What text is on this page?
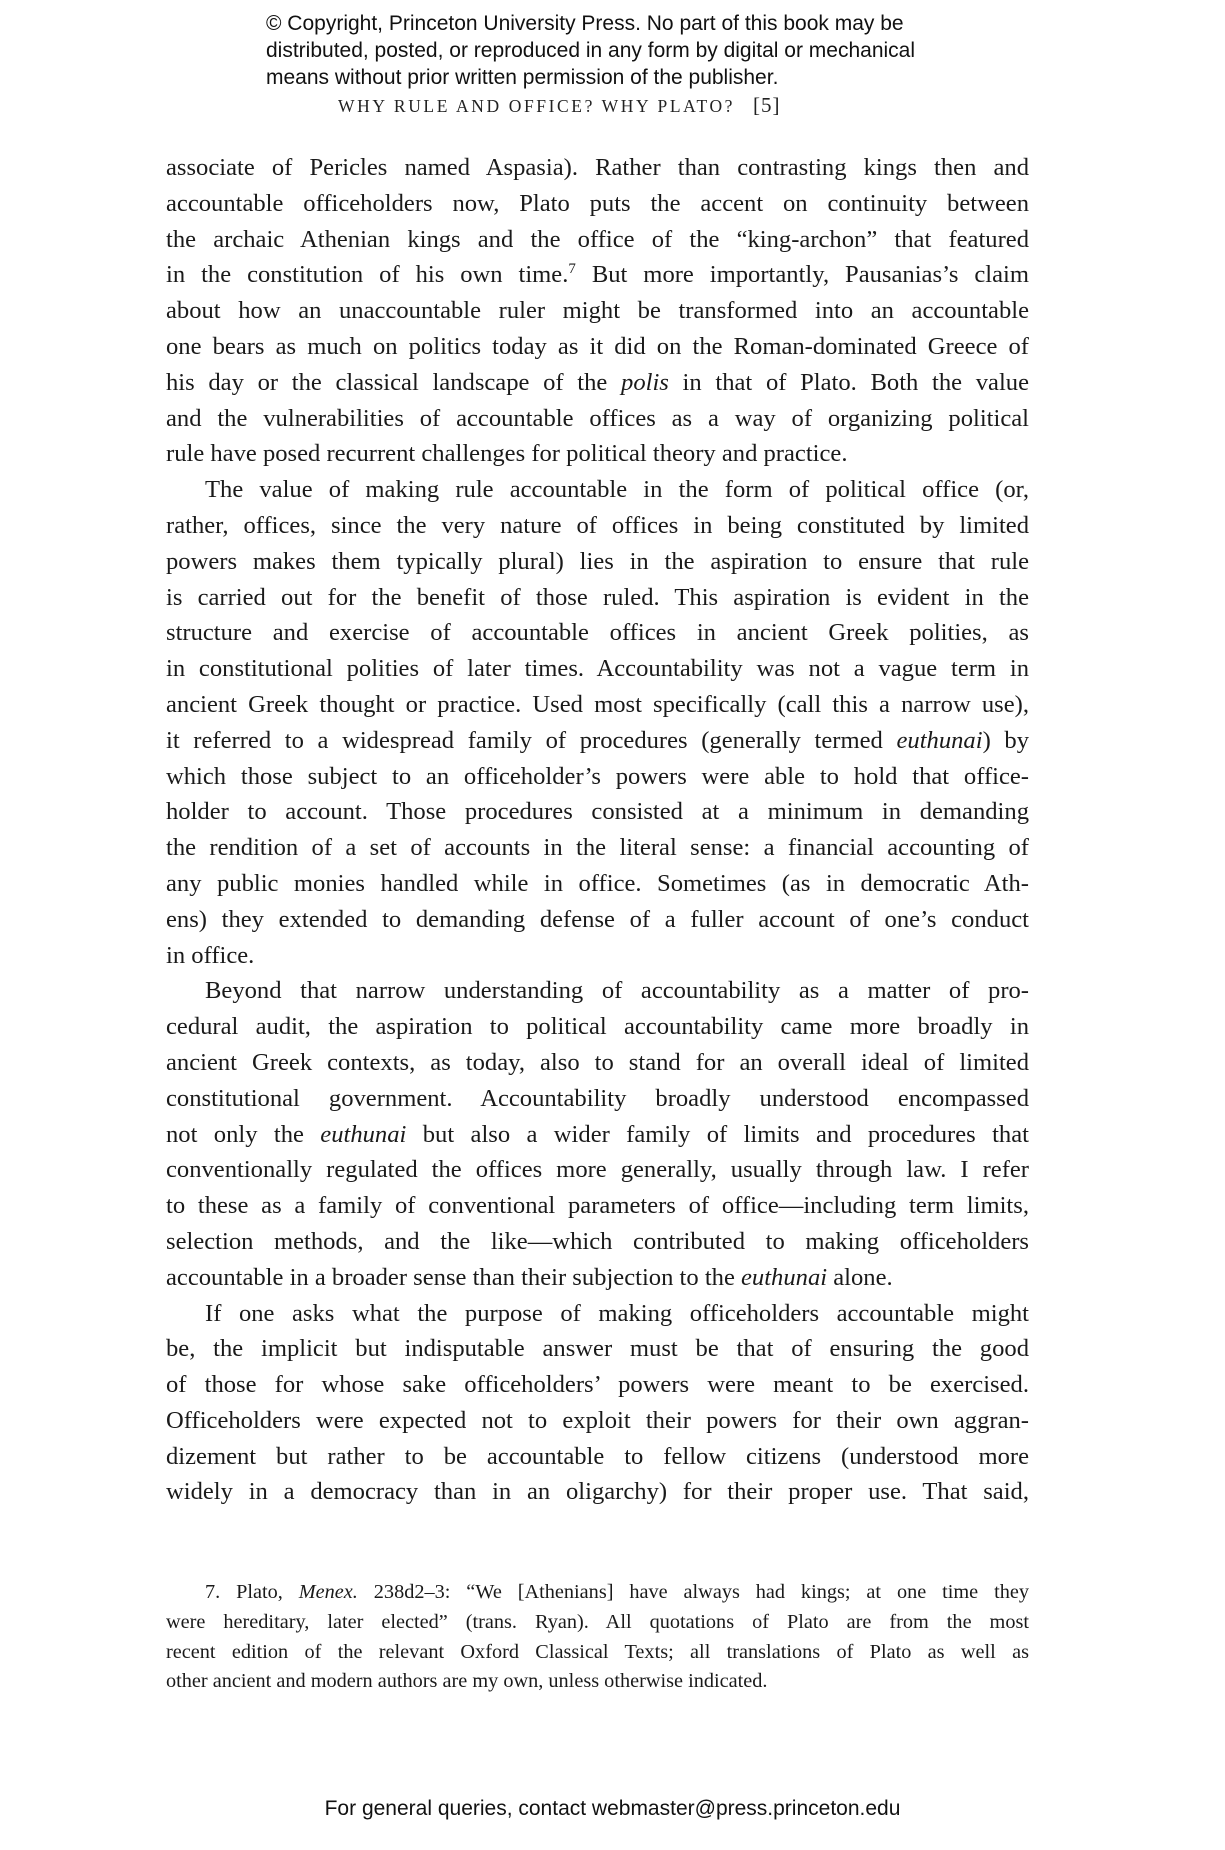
© Copyright, Princeton University Press. No part of this book may be
distributed, posted, or reproduced in any form by digital or mechanical
means without prior written permission of the publisher.
WHY RULE AND OFFICE? WHY PLATO? [5]
associate of Pericles named Aspasia). Rather than contrasting kings then and
accountable officeholders now, Plato puts the accent on continuity between
the archaic Athenian kings and the office of the “king-archon” that featured
in the constitution of his own time.$^7$ But more importantly, Pausanias’s claim
about how an unaccountable ruler might be transformed into an accountable
one bears as much on politics today as it did on the Roman-dominated Greece of
his day or the classical landscape of the polis in that of Plato. Both the value
and the vulnerabilities of accountable offices as a way of organizing political
rule have posed recurrent challenges for political theory and practice.
The value of making rule accountable in the form of political office (or,
rather, offices, since the very nature of offices in being constituted by limited
powers makes them typically plural) lies in the aspiration to ensure that rule
is carried out for the benefit of those ruled. This aspiration is evident in the
structure and exercise of accountable offices in ancient Greek polities, as
in constitutional polities of later times. Accountability was not a vague term in
ancient Greek thought or practice. Used most specifically (call this a narrow use),
it referred to a widespread family of procedures (generally termed euthunai) by
which those subject to an officeholder’s powers were able to hold that office-
holder to account. Those procedures consisted at a minimum in demanding
the rendition of a set of accounts in the literal sense: a financial accounting of
any public monies handled while in office. Sometimes (as in democratic Ath-
ens) they extended to demanding defense of a fuller account of one’s conduct
in office.
Beyond that narrow understanding of accountability as a matter of pro-
cedural audit, the aspiration to political accountability came more broadly in
ancient Greek contexts, as today, also to stand for an overall ideal of limited
constitutional government. Accountability broadly understood encompassed
not only the euthunai but also a wider family of limits and procedures that
conventionally regulated the offices more generally, usually through law. I refer
to these as a family of conventional parameters of office—including term limits,
selection methods, and the like—which contributed to making officeholders
accountable in a broader sense than their subjection to the euthunai alone.
If one asks what the purpose of making officeholders accountable might
be, the implicit but indisputable answer must be that of ensuring the good
of those for whose sake officeholders’ powers were meant to be exercised.
Officeholders were expected not to exploit their powers for their own aggran-
dizement but rather to be accountable to fellow citizens (understood more
widely in a democracy than in an oligarchy) for their proper use. That said,
7. Plato, Menex. 238d2–3: “We [Athenians] have always had kings; at one time they
were hereditary, later elected” (trans. Ryan). All quotations of Plato are from the most
recent edition of the relevant Oxford Classical Texts; all translations of Plato as well as
other ancient and modern authors are my own, unless otherwise indicated.
For general queries, contact webmaster@press.princeton.edu
